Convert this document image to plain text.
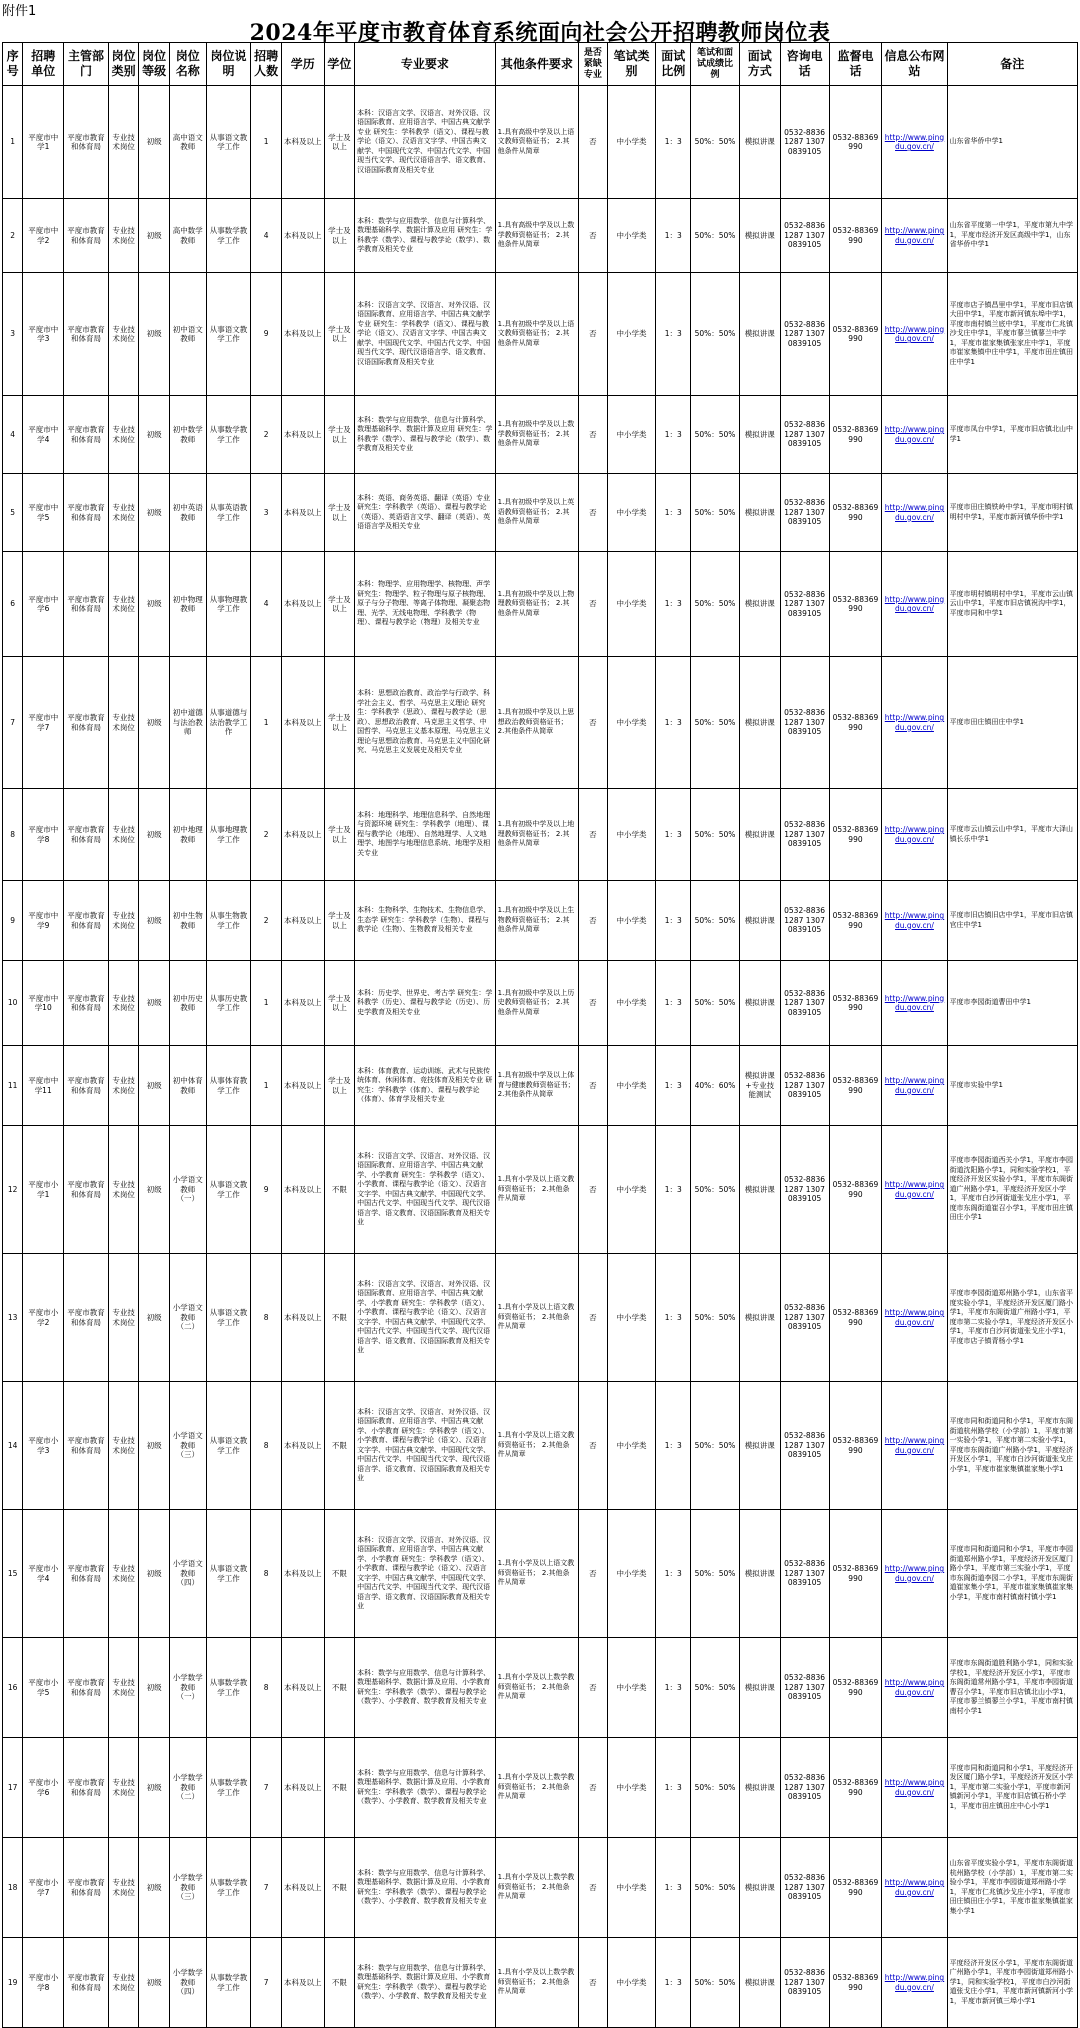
附件1
2024年平度市教育体育系统面向社会公开招聘教师岗位表
序号	招聘单位	主管部门	岗位类别	岗位等级	岗位名称	岗位说明	招聘人数	学历	学位	专业要求	其他条件要求	是否紧缺专业	笔试类别	面试比例	笔试和面试成绩比例	面试方式	咨询电话	监督电话	信息公布网站	备注
1	平度市中学1	平度市教育和体育局	专业技术岗位	初级	高中语文教师	从事语文教学工作	1	本科及以上	学士及以上	本科：汉语言文学、汉语言、对外汉语、汉语国际教育、应用语言学、中国古典文献学专业 研究生：学科教学（语文）、课程与教学论（语文）、汉语言文字学、中国古典文献学、中国现代文学、中国古代文学、中国现当代文学、现代汉语语言学、语文教育、汉语国际教育及相关专业	1.具有高级中学及以上语文教师资格证书； 2.其他条件从简章	否	中小学类	1：3	50%：50%	模拟讲课	0532-88361287 13070839105	0532-88369990	http://www.pingdu.gov.cn/	山东省华侨中学1
2	平度市中学2	平度市教育和体育局	专业技术岗位	初级	高中数学教师	从事数学教学工作	4	本科及以上	学士及以上	本科：数学与应用数学、信息与计算科学、数理基础科学、数据计算及应用 研究生：学科教学（数学）、课程与教学论（数学）、数学教育及相关专业	1.具有高级中学及以上数学教师资格证书； 2.其他条件从简章	否	中小学类	1：3	50%：50%	模拟讲课	0532-88361287 13070839105	0532-88369990	http://www.pingdu.gov.cn/	山东省平度第一中学1，平度市第九中学1，平度市经济开发区高级中学1，山东省华侨中学1
3	平度市中学3	平度市教育和体育局	专业技术岗位	初级	初中语文教师	从事语文教学工作	9	本科及以上	学士及以上	本科：汉语言文学、汉语言、对外汉语、汉语国际教育、应用语言学、中国古典文献学专业 研究生：学科教学（语文）、课程与教学论（语文）、汉语言文字学、中国古典文献学、中国现代文学、中国古代文学、中国现当代文学、现代汉语语言学、语文教育、汉语国际教育及相关专业	1.具有初级中学及以上语文教师资格证书； 2.其他条件从简章	否	中小学类	1：3	50%：50%	模拟讲课	0532-88361287 13070839105	0532-88369990	http://www.pingdu.gov.cn/	平度市店子镇昌里中学1，平度市旧店镇大田中学1，平度市新河镇东埠中学1，平度市南村镇兰底中学1，平度市仁兆镇沙戈庄中学1，平度市蓼兰镇蓼兰中学1，平度市崔家集镇张家庄中学1，平度市崔家集镇中庄中学1，平度市田庄镇田庄中学1
4	平度市中学4	平度市教育和体育局	专业技术岗位	初级	初中数学教师	从事数学教学工作	2	本科及以上	学士及以上	本科：数学与应用数学、信息与计算科学、数理基础科学、数据计算及应用 研究生：学科教学（数学）、课程与教学论（数学）、数学教育及相关专业	1.具有初级中学及以上数学教师资格证书； 2.其他条件从简章	否	中小学类	1：3	50%：50%	模拟讲课	0532-88361287 13070839105	0532-88369990	http://www.pingdu.gov.cn/	平度市凤台中学1，平度市旧店镇北山中学1
5	平度市中学5	平度市教育和体育局	专业技术岗位	初级	初中英语教师	从事英语教学工作	3	本科及以上	学士及以上	本科：英语、商务英语、翻译（英语）专业 研究生：学科教学（英语）、课程与教学论（英语）、英语语言文学、翻译（英语）、英语语言学及相关专业	1.具有初级中学及以上英语教师资格证书； 2.其他条件从简章	否	中小学类	1：3	50%：50%	模拟讲课	0532-88361287 13070839105	0532-88369990	http://www.pingdu.gov.cn/	平度市田庄镇铁岭中学1，平度市明村镇明村中学1，平度市新河镇华侨中学1
6	平度市中学6	平度市教育和体育局	专业技术岗位	初级	初中物理教师	从事物理教学工作	4	本科及以上	学士及以上	本科：物理学、应用物理学、核物理、声学 研究生：物理学、粒子物理与原子核物理、原子与分子物理、等离子体物理、凝聚态物理、光学、无线电物理、学科教学（物理）、课程与教学论（物理）及相关专业	1.具有初级中学及以上物理教师资格证书； 2.其他条件从简章	否	中小学类	1：3	50%：50%	模拟讲课	0532-88361287 13070839105	0532-88369990	http://www.pingdu.gov.cn/	平度市明村镇明村中学1，平度市云山镇云山中学1，平度市旧店镇祝沟中学1，平度市同和中学1
7	平度市中学7	平度市教育和体育局	专业技术岗位	初级	初中道德与法治教师	从事道德与法治教学工作	1	本科及以上	学士及以上	本科：思想政治教育、政治学与行政学、科学社会主义、哲学、马克思主义理论 研究生：学科教学（思政）、课程与教学论（思政）、思想政治教育、马克思主义哲学、中国哲学、马克思主义基本原理、马克思主义理论与思想政治教育、马克思主义中国化研究、马克思主义发展史及相关专业	1.具有初级中学及以上思想政治教师资格证书； 2.其他条件从简章	否	中小学类	1：3	50%：50%	模拟讲课	0532-88361287 13070839105	0532-88369990	http://www.pingdu.gov.cn/	平度市田庄镇田庄中学1
8	平度市中学8	平度市教育和体育局	专业技术岗位	初级	初中地理教师	从事地理教学工作	2	本科及以上	学士及以上	本科：地理科学、地理信息科学、自然地理与资源环境 研究生：学科教学（地理）、课程与教学论（地理）、自然地理学、人文地理学、地图学与地理信息系统、地理学及相关专业	1.具有初级中学及以上地理教师资格证书； 2.其他条件从简章	否	中小学类	1：3	50%：50%	模拟讲课	0532-88361287 13070839105	0532-88369990	http://www.pingdu.gov.cn/	平度市云山镇云山中学1，平度市大泽山镇长乐中学1
9	平度市中学9	平度市教育和体育局	专业技术岗位	初级	初中生物教师	从事生物教学工作	2	本科及以上	学士及以上	本科：生物科学、生物技术、生物信息学、生态学 研究生：学科教学（生物）、课程与教学论（生物）、生物教育及相关专业	1.具有初级中学及以上生物教师资格证书； 2.其他条件从简章	否	中小学类	1：3	50%：50%	模拟讲课	0532-88361287 13070839105	0532-88369990	http://www.pingdu.gov.cn/	平度市旧店镇旧店中学1，平度市旧店镇官庄中学1
10	平度市中学10	平度市教育和体育局	专业技术岗位	初级	初中历史教师	从事历史教学工作	1	本科及以上	学士及以上	本科：历史学、世界史、考古学 研究生：学科教学（历史）、课程与教学论（历史）、历史学教育及相关专业	1.具有初级中学及以上历史教师资格证书； 2.其他条件从简章	否	中小学类	1：3	50%：50%	模拟讲课	0532-88361287 13070839105	0532-88369990	http://www.pingdu.gov.cn/	平度市李园街道曹田中学1
11	平度市中学11	平度市教育和体育局	专业技术岗位	初级	初中体育教师	从事体育教学工作	1	本科及以上	学士及以上	本科：体育教育、运动训练、武术与民族传统体育、休闲体育、竞技体育及相关专业 研究生：学科教学（体育）、课程与教学论（体育）、体育学及相关专业	1.具有初级中学及以上体育与健康教师资格证书； 2.其他条件从简章	否	中小学类	1：3	40%：60%	模拟讲课+专业技能测试	0532-88361287 13070839105	0532-88369990	http://www.pingdu.gov.cn/	平度市实验中学1
12	平度市小学1	平度市教育和体育局	专业技术岗位	初级	小学语文教师（一）	从事语文教学工作	9	本科及以上	不限	本科：汉语言文学、汉语言、对外汉语、汉语国际教育、应用语言学、中国古典文献学、小学教育 研究生：学科教学（语文）、小学教育、课程与教学论（语文）、汉语言文字学、中国古典文献学、中国现代文学、中国古代文学、中国现当代文学、现代汉语语言学、语文教育、汉语国际教育及相关专业	1.具有小学及以上语文教师资格证书； 2.其他条件从简章	否	中小学类	1：3	50%：50%	模拟讲课	0532-88361287 13070839105	0532-88369990	http://www.pingdu.gov.cn/	平度市李园街道西关小学1，平度市李园街道沈阳路小学1，同和实验学校1，平度经济开发区实验小学1，平度市东阁街道广州路小学1，平度经济开发区小学1，平度市白沙河街道张戈庄小学1，平度市东阁街道崔召小学1，平度市田庄镇田庄小学1
13	平度市小学2	平度市教育和体育局	专业技术岗位	初级	小学语文教师（二）	从事语文教学工作	8	本科及以上	不限	本科：汉语言文学、汉语言、对外汉语、汉语国际教育、应用语言学、中国古典文献学、小学教育 研究生：学科教学（语文）、小学教育、课程与教学论（语文）、汉语言文字学、中国古典文献学、中国现代文学、中国古代文学、中国现当代文学、现代汉语语言学、语文教育、汉语国际教育及相关专业	1.具有小学及以上语文教师资格证书； 2.其他条件从简章	否	中小学类	1：3	50%：50%	模拟讲课	0532-88361287 13070839105	0532-88369990	http://www.pingdu.gov.cn/	平度市李园街道郑州路小学1，山东省平度实验小学1，平度经济开发区厦门路小学1，平度市东阁街道广州路小学1，平度市第二实验小学1，平度经济开发区小学1，平度市白沙河街道张戈庄小学1，平度市店子镇青杨小学1
14	平度市小学3	平度市教育和体育局	专业技术岗位	初级	小学语文教师（三）	从事语文教学工作	8	本科及以上	不限	本科：汉语言文学、汉语言、对外汉语、汉语国际教育、应用语言学、中国古典文献学、小学教育 研究生：学科教学（语文）、小学教育、课程与教学论（语文）、汉语言文字学、中国古典文献学、中国现代文学、中国古代文学、中国现当代文学、现代汉语语言学、语文教育、汉语国际教育及相关专业	1.具有小学及以上语文教师资格证书； 2.其他条件从简章	否	中小学类	1：3	50%：50%	模拟讲课	0532-88361287 13070839105	0532-88369990	http://www.pingdu.gov.cn/	平度市同和街道同和小学1，平度市东阁街道杭州路学校（小学部）1，平度市第一实验小学1，平度市第二实验小学1，平度市东阁街道广州路小学1，平度经济开发区小学1，平度市白沙河街道张戈庄小学1，平度市崔家集镇崔家集小学1
15	平度市小学4	平度市教育和体育局	专业技术岗位	初级	小学语文教师（四）	从事语文教学工作	8	本科及以上	不限	本科：汉语言文学、汉语言、对外汉语、汉语国际教育、应用语言学、中国古典文献学、小学教育 研究生：学科教学（语文）、小学教育、课程与教学论（语文）、汉语言文字学、中国古典文献学、中国现代文学、中国古代文学、中国现当代文学、现代汉语语言学、语文教育、汉语国际教育及相关专业	1.具有小学及以上语文教师资格证书； 2.其他条件从简章	否	中小学类	1：3	50%：50%	模拟讲课	0532-88361287 13070839105	0532-88369990	http://www.pingdu.gov.cn/	平度市同和街道同和小学1，平度市李园街道郑州路小学1，平度经济开发区厦门路小学1，平度市第三实验小学1，平度市东阁街道李园二小学1，平度市东阁街道崔家集小学1，平度市崔家集镇崔家集小学1，平度市南村镇南村镇小学1
16	平度市小学5	平度市教育和体育局	专业技术岗位	初级	小学数学教师（一）	从事数学教学工作	8	本科及以上	不限	本科：数学与应用数学、信息与计算科学、数理基础科学、数据计算及应用、小学教育 研究生：学科教学（数学）、课程与教学论（数学）、小学教育、数学教育及相关专业	1.具有小学及以上数学教师资格证书； 2.其他条件从简章	否	中小学类	1：3	50%：50%	模拟讲课	0532-88361287 13070839105	0532-88369990	http://www.pingdu.gov.cn/	平度市东阁街道胜利路小学1，同和实验学校1，平度经济开发区小学1，平度市东阁街道常州路小学1，平度市李园街道曹召小学1，平度市旧店镇北山小学1，平度市蓼兰镇蓼兰小学1，平度市南村镇南村小学1
17	平度市小学6	平度市教育和体育局	专业技术岗位	初级	小学数学教师（二）	从事数学教学工作	7	本科及以上	不限	本科：数学与应用数学、信息与计算科学、数理基础科学、数据计算及应用、小学教育 研究生：学科教学（数学）、课程与教学论（数学）、小学教育、数学教育及相关专业	1.具有小学及以上数学教师资格证书； 2.其他条件从简章	否	中小学类	1：3	50%：50%	模拟讲课	0532-88361287 13070839105	0532-88369990	http://www.pingdu.gov.cn/	平度市同和街道同和小学1，平度经济开发区厦门路小学1，平度经济开发区小学1，平度市第二实验小学1，平度市新河镇新河小学1，平度市旧店镇石桥小学1，平度市田庄镇田庄中心小学1
18	平度市小学7	平度市教育和体育局	专业技术岗位	初级	小学数学教师（三）	从事数学教学工作	7	本科及以上	不限	本科：数学与应用数学、信息与计算科学、数理基础科学、数据计算及应用、小学教育 研究生：学科教学（数学）、课程与教学论（数学）、小学教育、数学教育及相关专业	1.具有小学及以上数学教师资格证书； 2.其他条件从简章	否	中小学类	1：3	50%：50%	模拟讲课	0532-88361287 13070839105	0532-88369990	http://www.pingdu.gov.cn/	山东省平度实验小学1，平度市东阁街道杭州路学校（小学部）1，平度市第二实验小学1，平度市李园街道郑州路小学1，平度市仁兆镇沙戈庄小学1，平度市田庄镇田庄小学1，平度市崔家集镇崔家集小学1
19	平度市小学8	平度市教育和体育局	专业技术岗位	初级	小学数学教师（四）	从事数学教学工作	7	本科及以上	不限	本科：数学与应用数学、信息与计算科学、数理基础科学、数据计算及应用、小学教育 研究生：学科教学（数学）、课程与教学论（数学）、小学教育、数学教育及相关专业	1.具有小学及以上数学教师资格证书； 2.其他条件从简章	否	中小学类	1：3	50%：50%	模拟讲课	0532-88361287 13070839105	0532-88369990	http://www.pingdu.gov.cn/	平度经济开发区小学1，平度市东阁街道广州路小学1，平度市李园街道郑州路小学1，同和实验学校1，平度市白沙河街道张戈庄小学1，平度市新河镇新河小学1，平度市新河镇三埠小学1
